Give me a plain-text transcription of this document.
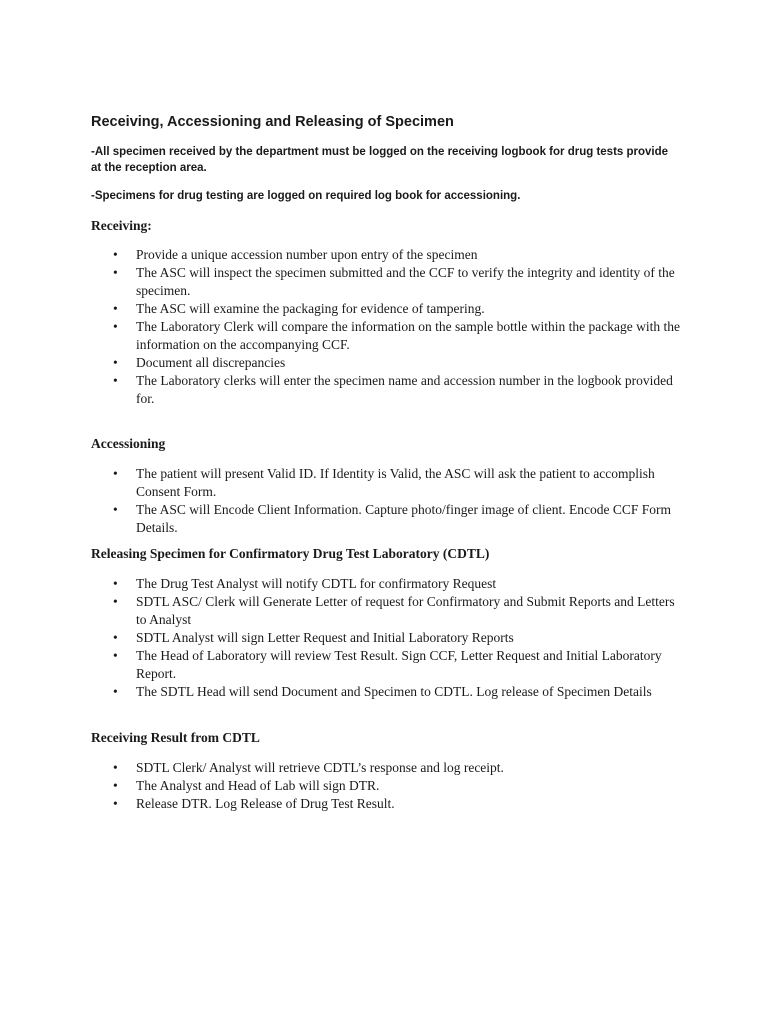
Receiving, Accessioning and Releasing of Specimen
-All specimen received by the department must be logged on the receiving logbook for drug tests provide at the reception area.
-Specimens for drug testing are logged on required log book for accessioning.
Receiving:
• Provide a unique accession number upon entry of the specimen
• The ASC will inspect the specimen submitted and the CCF to verify the integrity and identity of the specimen.
• The ASC will examine the packaging for evidence of tampering.
• The Laboratory Clerk will compare the information on the sample bottle within the package with the information on the accompanying CCF.
• Document all discrepancies
• The Laboratory clerks will enter the specimen name and accession number in the logbook provided for.
Accessioning
• The patient will present Valid ID. If Identity is Valid, the ASC will ask the patient to accomplish Consent Form.
• The ASC will Encode Client Information. Capture photo/finger image of client. Encode CCF Form Details.
Releasing Specimen for Confirmatory Drug Test Laboratory (CDTL)
• The Drug Test Analyst will notify CDTL for confirmatory Request
• SDTL ASC/ Clerk will Generate Letter of request for Confirmatory and Submit Reports and Letters to Analyst
• SDTL Analyst will sign Letter Request and Initial Laboratory Reports
• The Head of Laboratory will review Test Result. Sign CCF, Letter Request and Initial Laboratory Report.
• The SDTL Head will send Document and Specimen to CDTL. Log release of Specimen Details
Receiving Result from CDTL
• SDTL Clerk/ Analyst will retrieve CDTL’s response and log receipt.
• The Analyst and Head of Lab will sign DTR.
• Release DTR. Log Release of Drug Test Result.
